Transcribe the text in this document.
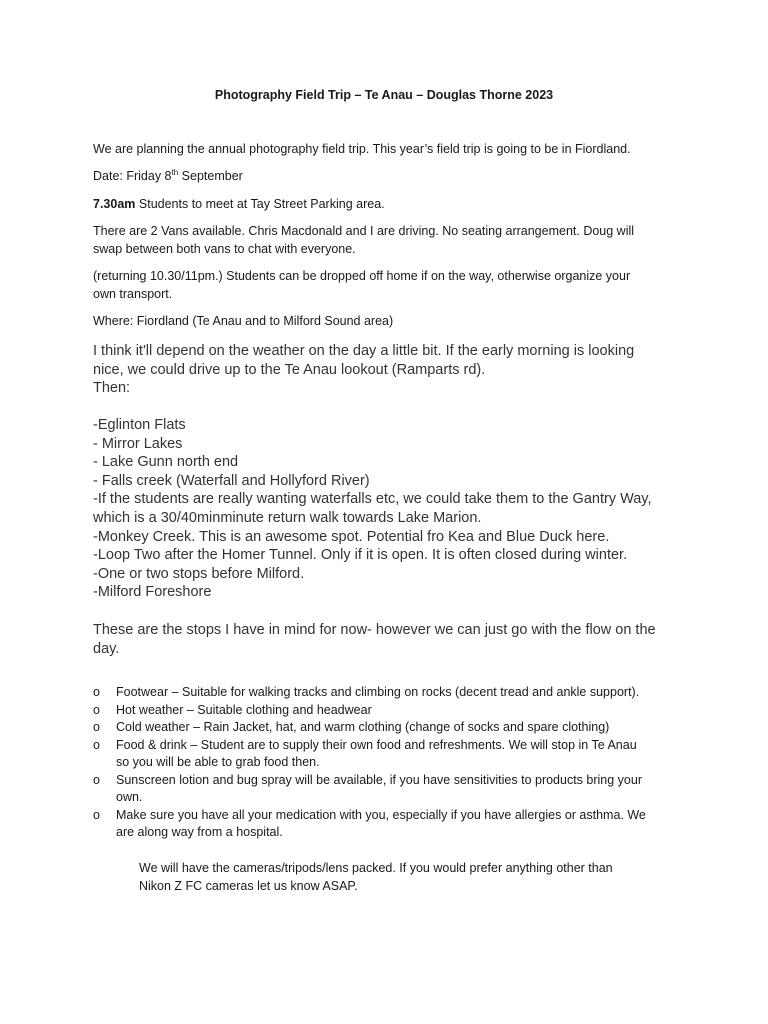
Photography Field Trip – Te Anau – Douglas Thorne 2023
We are planning the annual photography field trip. This year’s field trip is going to be in Fiordland.
Date: Friday 8th September
7.30am Students to meet at Tay Street Parking area.
There are 2 Vans available. Chris Macdonald and I are driving. No seating arrangement. Doug will
swap between both vans to chat with everyone.
(returning 10.30/11pm.) Students can be dropped off home if on the way, otherwise organize your
own transport.
Where: Fiordland (Te Anau and to Milford Sound area)
I think it'll depend on the weather on the day a little bit. If the early morning is looking
nice, we could drive up to the Te Anau lookout (Ramparts rd).
Then:
-Eglinton Flats
- Mirror Lakes
- Lake Gunn north end
- Falls creek (Waterfall and Hollyford River)
-If the students are really wanting waterfalls etc, we could take them to the Gantry Way,
which is a 30/40minminute return walk towards Lake Marion.
-Monkey Creek. This is an awesome spot. Potential fro Kea and Blue Duck here.
-Loop Two after the Homer Tunnel. Only if it is open. It is often closed during winter.
-One or two stops before Milford.
-Milford Foreshore
These are the stops I have in mind for now- however we can just go with the flow on the
day.
o Footwear – Suitable for walking tracks and climbing on rocks (decent tread and ankle support).
o Hot weather – Suitable clothing and headwear
o Cold weather – Rain Jacket, hat, and warm clothing (change of socks and spare clothing)
o Food & drink – Student are to supply their own food and refreshments. We will stop in Te Anau
so you will be able to grab food then.
o Sunscreen lotion and bug spray will be available, if you have sensitivities to products bring your
own.
o Make sure you have all your medication with you, especially if you have allergies or asthma. We
are along way from a hospital.
We will have the cameras/tripods/lens packed. If you would prefer anything other than
Nikon Z FC cameras let us know ASAP.
